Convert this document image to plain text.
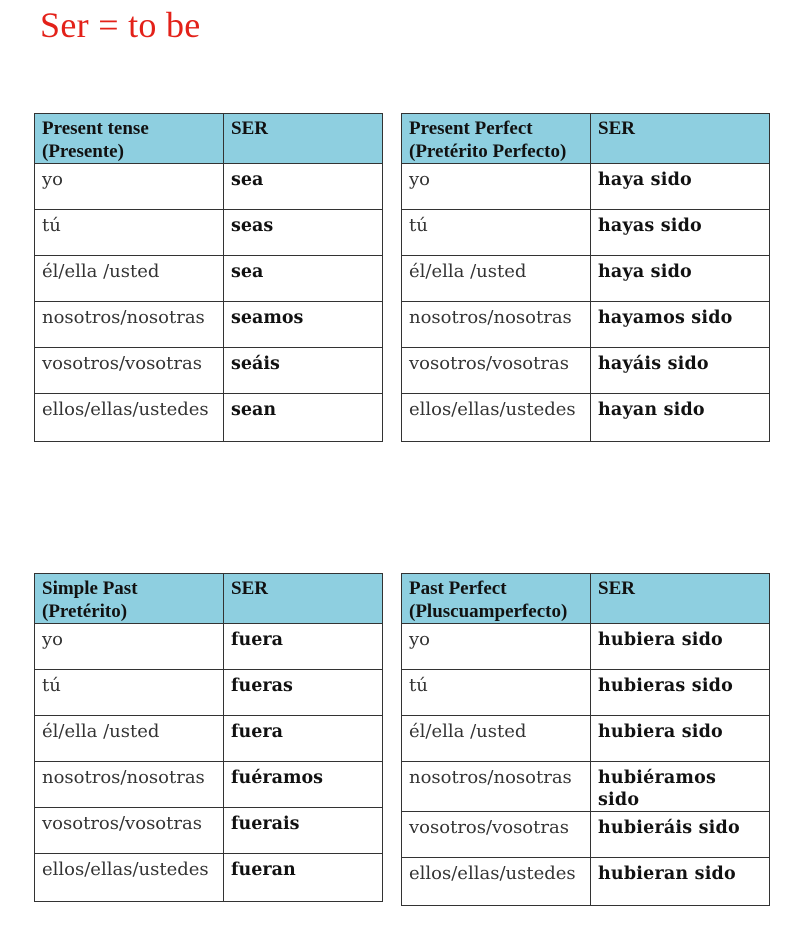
Ser = to be
Present tense
(Presente)	SER
yo	sea
tú	seas
él/ella /usted	sea
nosotros/nosotras	seamos
vosotros/vosotras	seáis
ellos/ellas/ustedes	sean
Present Perfect
(Pretérito Perfecto)	SER
yo	haya sido
tú	hayas sido
él/ella /usted	haya sido
nosotros/nosotras	hayamos sido
vosotros/vosotras	hayáis sido
ellos/ellas/ustedes	hayan sido
Simple Past
(Pretérito)	SER
yo	fuera
tú	fueras
él/ella /usted	fuera
nosotros/nosotras	fuéramos
vosotros/vosotras	fuerais
ellos/ellas/ustedes	fueran
Past Perfect
(Pluscuamperfecto)	SER
yo	hubiera sido
tú	hubieras sido
él/ella /usted	hubiera sido
nosotros/nosotras	hubiéramos sido
vosotros/vosotras	hubieráis sido
ellos/ellas/ustedes	hubieran sido
